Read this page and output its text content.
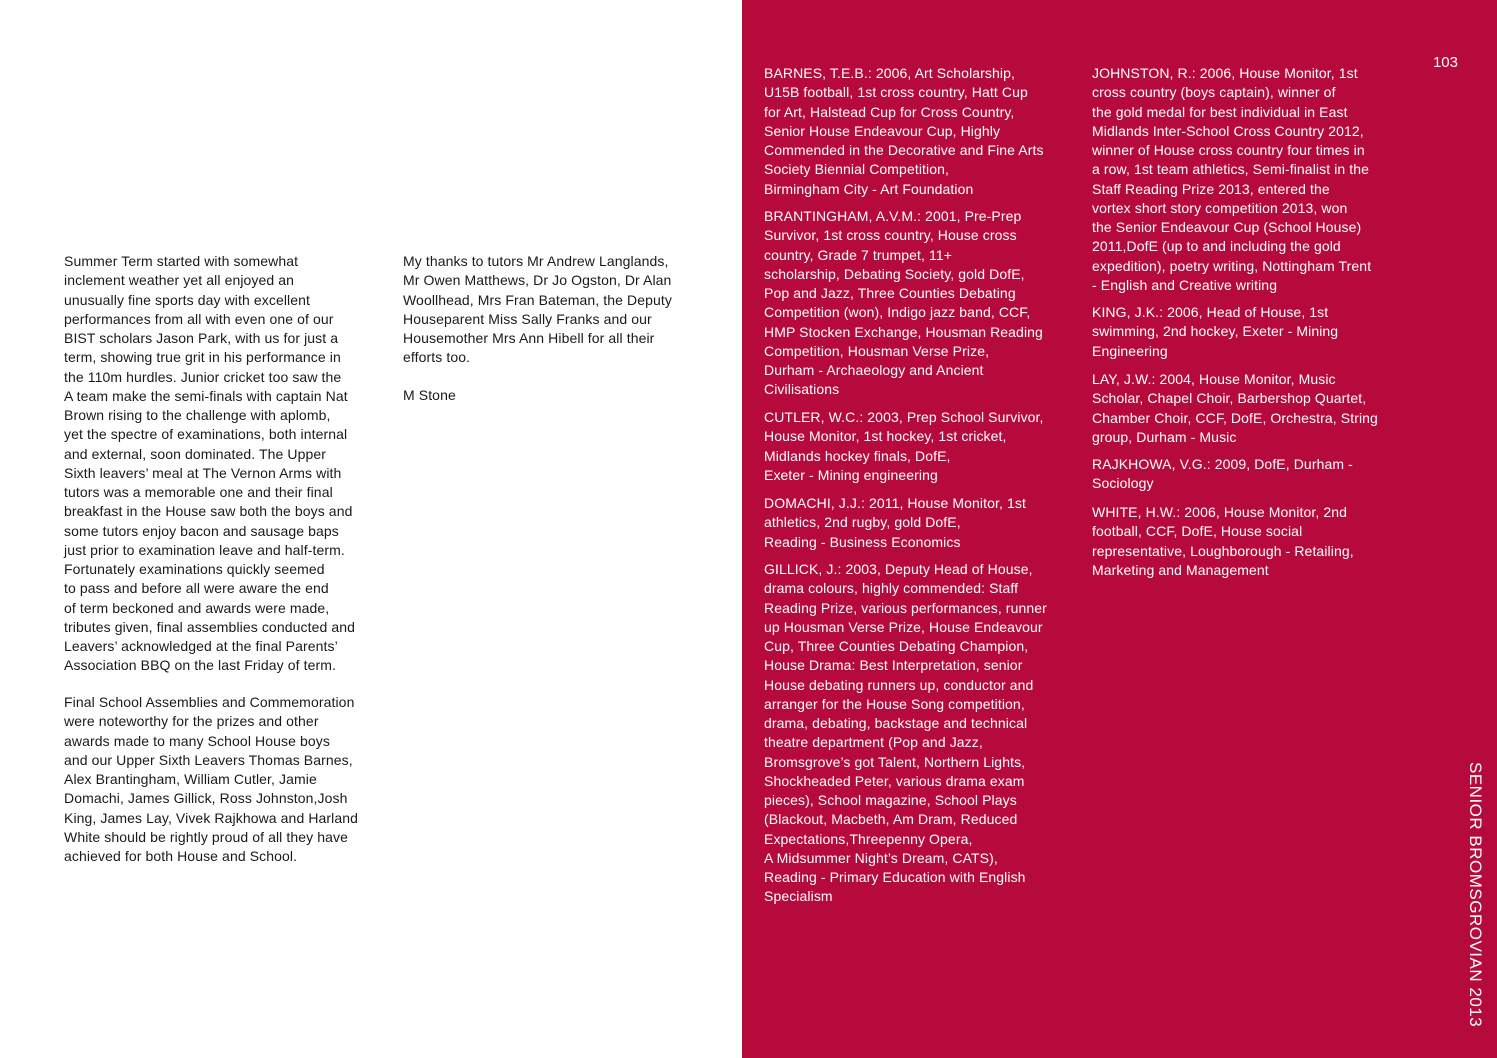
Summer Term started with somewhat
inclement weather yet all enjoyed an
unusually fine sports day with excellent
performances from all with even one of our
BIST scholars Jason Park, with us for just a
term, showing true grit in his performance in
the 110m hurdles. Junior cricket too saw the
A team make the semi-finals with captain Nat
Brown rising to the challenge with aplomb,
yet the spectre of examinations, both internal
and external, soon dominated. The Upper
Sixth leavers’ meal at The Vernon Arms with
tutors was a memorable one and their final
breakfast in the House saw both the boys and
some tutors enjoy bacon and sausage baps
just prior to examination leave and half-term.
Fortunately examinations quickly seemed
to pass and before all were aware the end
of term beckoned and awards were made,
tributes given, final assemblies conducted and
Leavers’ acknowledged at the final Parents’
Association BBQ on the last Friday of term.

Final School Assemblies and Commemoration
were noteworthy for the prizes and other
awards made to many School House boys
and our Upper Sixth Leavers Thomas Barnes,
Alex Brantingham, William Cutler, Jamie
Domachi, James Gillick, Ross Johnston,Josh
King, James Lay, Vivek Rajkhowa and Harland
White should be rightly proud of all they have
achieved for both House and School.

My thanks to tutors Mr Andrew Langlands,
Mr Owen Matthews, Dr Jo Ogston, Dr Alan
Woollhead, Mrs Fran Bateman, the Deputy
Houseparent Miss Sally Franks and our
Housemother Mrs Ann Hibell for all their
efforts too.

M Stone

103

BARNES, T.E.B.: 2006, Art Scholarship,
U15B football, 1st cross country, Hatt Cup
for Art, Halstead Cup for Cross Country,
Senior House Endeavour Cup, Highly
Commended in the Decorative and Fine Arts
Society Biennial Competition,
Birmingham City - Art Foundation

BRANTINGHAM, A.V.M.: 2001, Pre-Prep
Survivor, 1st cross country, House cross
country, Grade 7 trumpet, 11+
scholarship, Debating Society, gold DofE,
Pop and Jazz, Three Counties Debating
Competition (won), Indigo jazz band, CCF,
HMP Stocken Exchange, Housman Reading
Competition, Housman Verse Prize,
Durham - Archaeology and Ancient
Civilisations

CUTLER, W.C.: 2003, Prep School Survivor,
House Monitor, 1st hockey, 1st cricket,
Midlands hockey finals, DofE,
Exeter - Mining engineering

DOMACHI, J.J.: 2011, House Monitor, 1st
athletics, 2nd rugby, gold DofE,
Reading - Business Economics

GILLICK, J.: 2003, Deputy Head of House,
drama colours, highly commended: Staff
Reading Prize, various performances, runner
up Housman Verse Prize, House Endeavour
Cup, Three Counties Debating Champion,
House Drama: Best Interpretation, senior
House debating runners up, conductor and
arranger for the House Song competition,
drama, debating, backstage and technical
theatre department (Pop and Jazz,
Bromsgrove’s got Talent, Northern Lights,
Shockheaded Peter, various drama exam
pieces), School magazine, School Plays
(Blackout, Macbeth, Am Dram, Reduced
Expectations,Threepenny Opera,
A Midsummer Night’s Dream, CATS),
Reading - Primary Education with English
Specialism

JOHNSTON, R.: 2006, House Monitor, 1st
cross country (boys captain), winner of
the gold medal for best individual in East
Midlands Inter-School Cross Country 2012,
winner of House cross country four times in
a row, 1st team athletics, Semi-finalist in the
Staff Reading Prize 2013, entered the
vortex short story competition 2013, won
the Senior Endeavour Cup (School House)
2011,DofE (up to and including the gold
expedition), poetry writing, Nottingham Trent
- English and Creative writing

KING, J.K.: 2006, Head of House, 1st
swimming, 2nd hockey, Exeter - Mining
Engineering

LAY, J.W.: 2004, House Monitor, Music
Scholar, Chapel Choir, Barbershop Quartet,
Chamber Choir, CCF, DofE, Orchestra, String
group, Durham - Music

RAJKHOWA, V.G.: 2009, DofE, Durham -
Sociology

WHITE, H.W.: 2006, House Monitor, 2nd
football, CCF, DofE, House social
representative, Loughborough - Retailing,
Marketing and Management

SENIOR BROMSGROVIAN 2013
